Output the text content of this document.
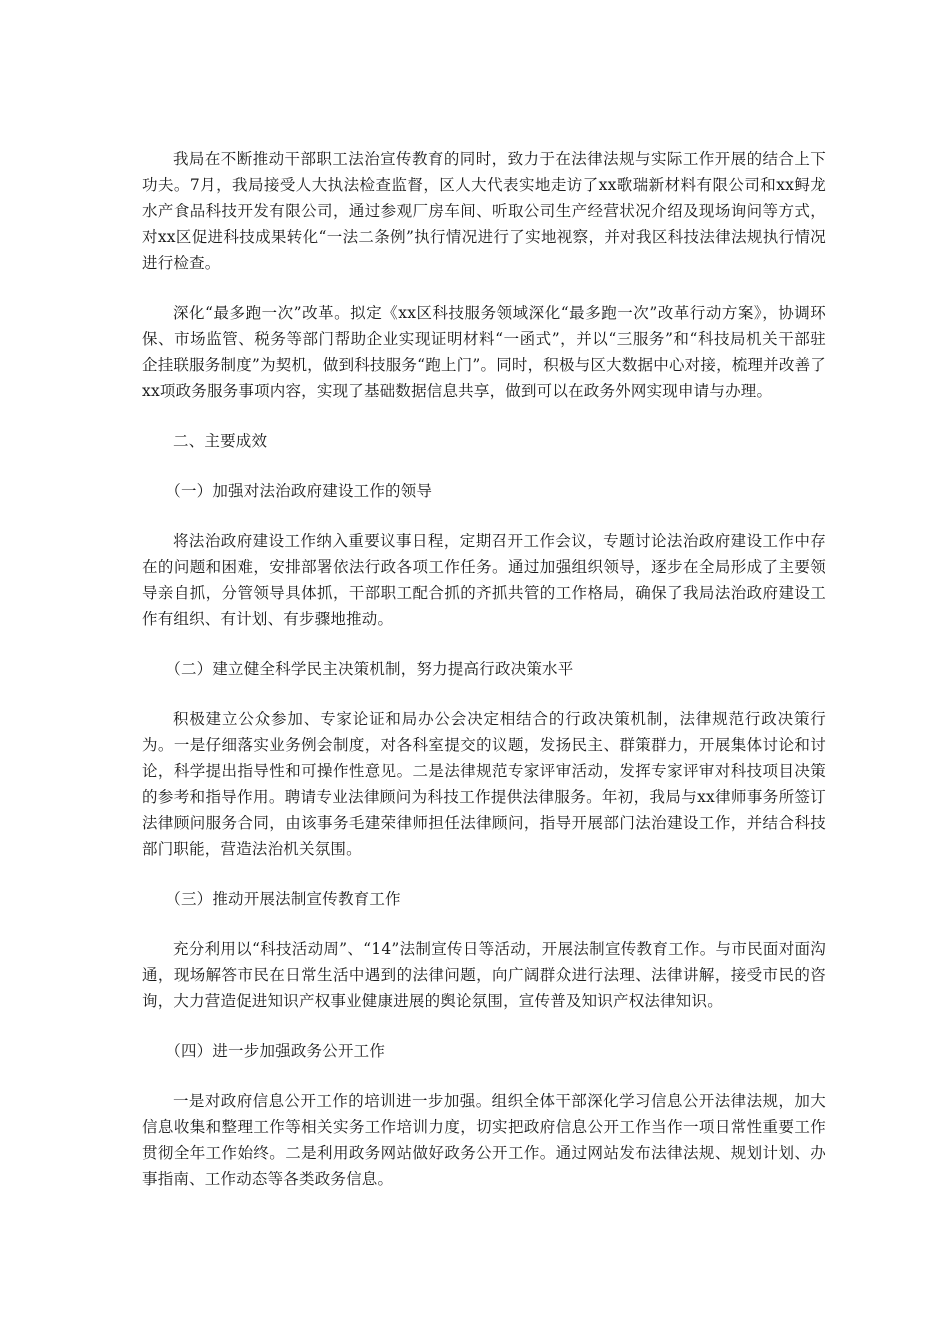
我局在不断推动干部职工法治宣传教育的同时，致力于在法律法规与实际工作开展的结合上下功夫。7月，我局接受人大执法检查监督，区人大代表实地走访了xx歌瑞新材料有限公司和xx鲟龙水产食品科技开发有限公司，通过参观厂房车间、听取公司生产经营状况介绍及现场询问等方式，对xx区促进科技成果转化“一法二条例”执行情况进行了实地视察，并对我区科技法律法规执行情况进行检查。

深化“最多跑一次”改革。拟定《xx区科技服务领域深化“最多跑一次”改革行动方案》，协调环保、市场监管、税务等部门帮助企业实现证明材料“一函式”，并以“三服务”和“科技局机关干部驻企挂联服务制度”为契机，做到科技服务“跑上门”。同时，积极与区大数据中心对接，梳理并改善了xx项政务服务事项内容，实现了基础数据信息共享，做到可以在政务外网实现申请与办理。

二、主要成效

（一）加强对法治政府建设工作的领导

将法治政府建设工作纳入重要议事日程，定期召开工作会议，专题讨论法治政府建设工作中存在的问题和困难，安排部署依法行政各项工作任务。通过加强组织领导，逐步在全局形成了主要领导亲自抓，分管领导具体抓，干部职工配合抓的齐抓共管的工作格局，确保了我局法治政府建设工作有组织、有计划、有步骤地推动。

（二）建立健全科学民主决策机制，努力提高行政决策水平

积极建立公众参加、专家论证和局办公会决定相结合的行政决策机制，法律规范行政决策行为。一是仔细落实业务例会制度，对各科室提交的议题，发扬民主、群策群力，开展集体讨论和讨论，科学提出指导性和可操作性意见。二是法律规范专家评审活动，发挥专家评审对科技项目决策的参考和指导作用。聘请专业法律顾问为科技工作提供法律服务。年初，我局与xx律师事务所签订法律顾问服务合同，由该事务毛建荣律师担任法律顾问，指导开展部门法治建设工作，并结合科技部门职能，营造法治机关氛围。

（三）推动开展法制宣传教育工作

充分利用以“科技活动周”、“14”法制宣传日等活动，开展法制宣传教育工作。与市民面对面沟通，现场解答市民在日常生活中遇到的法律问题，向广阔群众进行法理、法律讲解，接受市民的咨询，大力营造促进知识产权事业健康进展的舆论氛围，宣传普及知识产权法律知识。

（四）进一步加强政务公开工作

一是对政府信息公开工作的培训进一步加强。组织全体干部深化学习信息公开法律法规，加大信息收集和整理工作等相关实务工作培训力度，切实把政府信息公开工作当作一项日常性重要工作贯彻全年工作始终。二是利用政务网站做好政务公开工作。通过网站发布法律法规、规划计划、办事指南、工作动态等各类政务信息。
